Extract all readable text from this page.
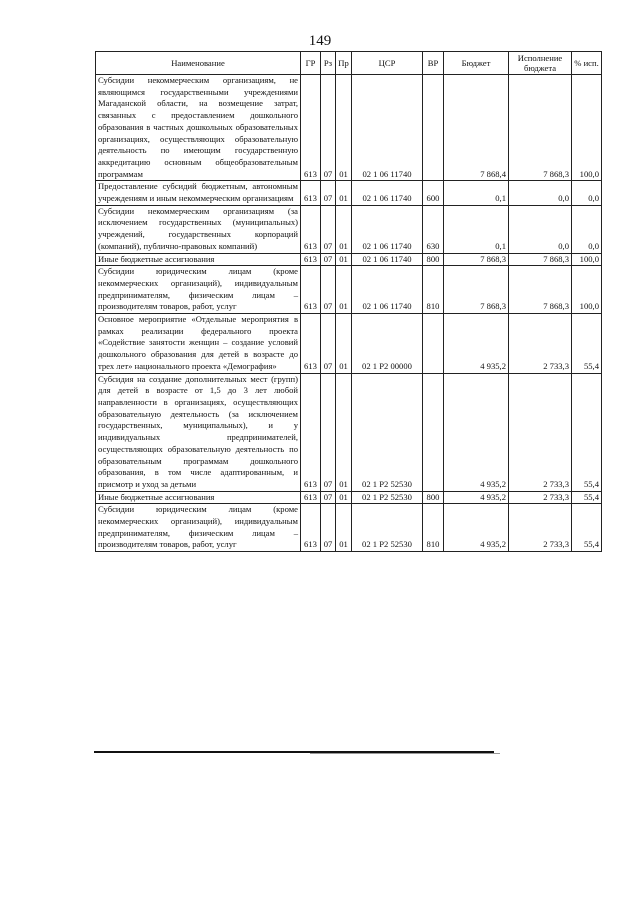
149
Наименование	ГР	Рз	Пр	ЦСР	ВР	Бюджет	Исполнение бюджета	% исп.

Субсидии некоммерческим организациям, не являющимся государственными учреждениями Магаданской области, на возмещение затрат, связанных с предоставлением дошкольного образования в частных дошкольных образовательных организациях, осуществляющих образовательную деятельность по имеющим государственную аккредитацию основным общеобразовательным программам	613	07	01	02 1 06 11740		7 868,4	7 868,3	100,0

Предоставление субсидий бюджетным, автономным учреждениям и иным некоммерческим организациям	613	07	01	02 1 06 11740	600	0,1	0,0	0,0

Субсидии некоммерческим организациям (за исключением государственных (муниципальных) учреждений, государственных корпораций (компаний), публично-правовых компаний)	613	07	01	02 1 06 11740	630	0,1	0,0	0,0

Иные бюджетные ассигнования	613	07	01	02 1 06 11740	800	7 868,3	7 868,3	100,0

Субсидии юридическим лицам (кроме некоммерческих организаций), индивидуальным предпринимателям, физическим лицам – производителям товаров, работ, услуг	613	07	01	02 1 06 11740	810	7 868,3	7 868,3	100,0

Основное мероприятие «Отдельные мероприятия в рамках реализации федерального проекта «Содействие занятости женщин – создание условий дошкольного образования для детей в возрасте до трех лет» национального проекта «Демография»	613	07	01	02 1 P2 00000		4 935,2	2 733,3	55,4

Субсидия на создание дополнительных мест (групп) для детей в возрасте от 1,5 до 3 лет любой направленности в организациях, осуществляющих образовательную деятельность (за исключением государственных, муниципальных), и у индивидуальных предпринимателей, осуществляющих образовательную деятельность по образовательным программам дошкольного образования, в том числе адаптированным, и присмотр и уход за детьми	613	07	01	02 1 P2 52530		4 935,2	2 733,3	55,4

Иные бюджетные ассигнования	613	07	01	02 1 P2 52530	800	4 935,2	2 733,3	55,4

Субсидии юридическим лицам (кроме некоммерческих организаций), индивидуальным предпринимателям, физическим лицам – производителям товаров, работ, услуг	613	07	01	02 1 P2 52530	810	4 935,2	2 733,3	55,4
